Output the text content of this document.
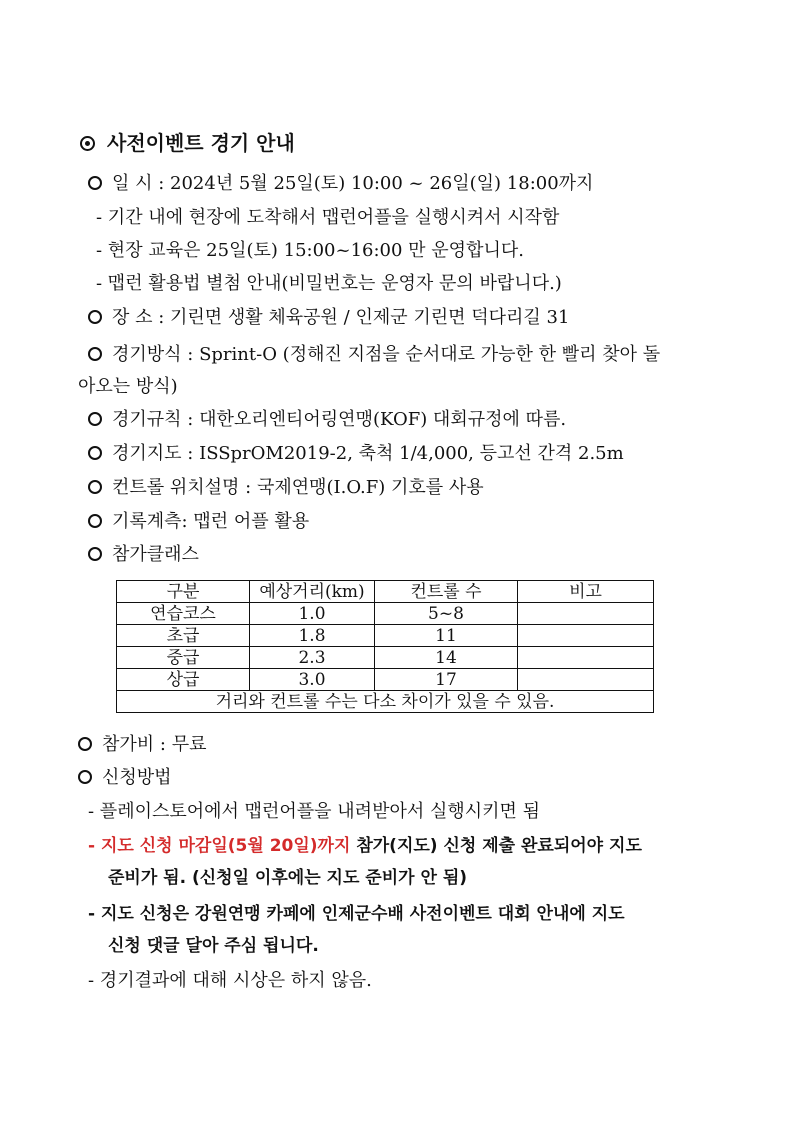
사전이벤트 경기 안내
일 시 : 2024년 5월 25일(토) 10:00 ~ 26일(일) 18:00까지
- 기간 내에 현장에 도착해서 맵런어플을 실행시켜서 시작함
- 현장 교육은 25일(토) 15:00~16:00 만 운영합니다.
- 맵런 활용법 별첨 안내(비밀번호는 운영자 문의 바랍니다.)
장 소 : 기린면 생활 체육공원 / 인제군 기린면 덕다리길 31
경기방식 : Sprint-O (정해진 지점을 순서대로 가능한 한 빨리 찾아 돌
아오는 방식)
경기규칙 : 대한오리엔티어링연맹(KOF) 대회규정에 따름.
경기지도 : ISSprOM2019-2, 축척 1/4,000, 등고선 간격 2.5m
컨트롤 위치설명 : 국제연맹(I.O.F) 기호를 사용
기록계측: 맵런 어플 활용
참가클래스
구분	예상거리(km)	컨트롤 수	비고
연습코스	1.0	5~8	
초급	1.8	11	
중급	2.3	14	
상급	3.0	17	
거리와 컨트롤 수는 다소 차이가 있을 수 있음.			
참가비 : 무료
신청방법
- 플레이스토어에서 맵런어플을 내려받아서 실행시키면 됨
- 지도 신청 마감일(5월 20일)까지 참가(지도) 신청 제출 완료되어야 지도
준비가 됨. (신청일 이후에는 지도 준비가 안 됨)
- 지도 신청은 강원연맹 카페에 인제군수배 사전이벤트 대회 안내에 지도
신청 댓글 달아 주심 됩니다.
- 경기결과에 대해 시상은 하지 않음.
